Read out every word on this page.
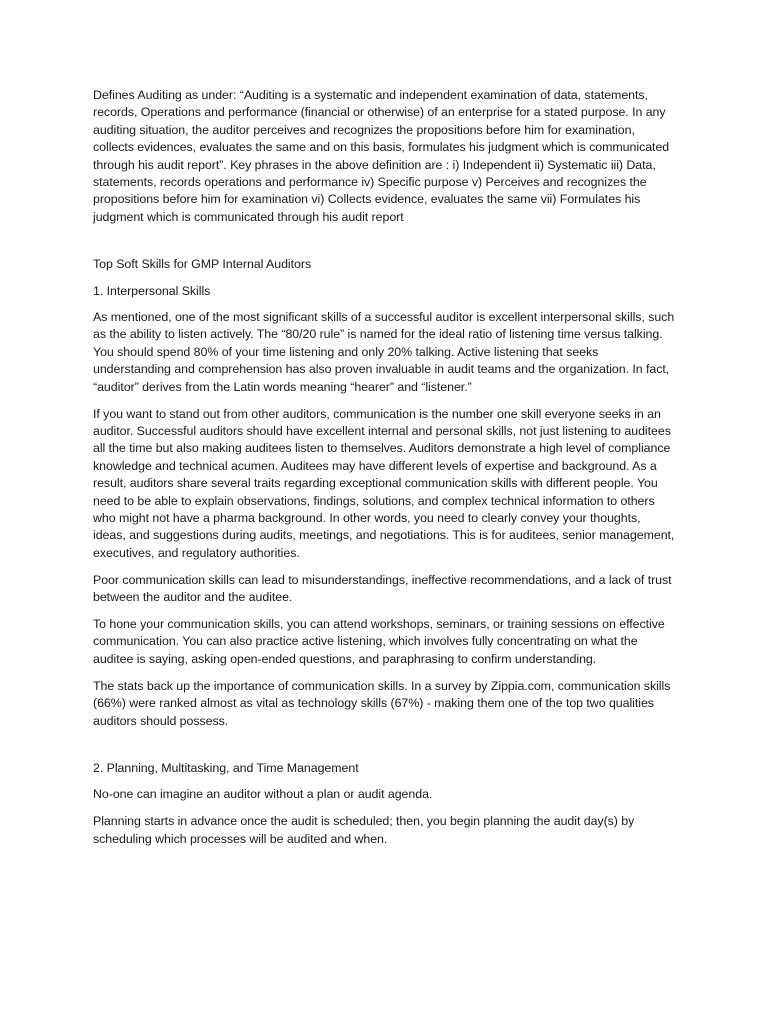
Defines Auditing as under: “Auditing is a systematic and independent examination of data, statements, records, Operations and performance (financial or otherwise) of an enterprise for a stated purpose. In any auditing situation, the auditor perceives and recognizes the propositions before him for examination, collects evidences, evaluates the same and on this basis, formulates his judgment which is communicated through his audit report”. Key phrases in the above definition are : i) Independent ii) Systematic iii) Data, statements, records operations and performance iv) Specific purpose v) Perceives and recognizes the propositions before him for examination vi) Collects evidence, evaluates the same vii) Formulates his judgment which is communicated through his audit report

Top Soft Skills for GMP Internal Auditors

1. Interpersonal Skills

As mentioned, one of the most significant skills of a successful auditor is excellent interpersonal skills, such as the ability to listen actively. The “80/20 rule” is named for the ideal ratio of listening time versus talking. You should spend 80% of your time listening and only 20% talking. Active listening that seeks understanding and comprehension has also proven invaluable in audit teams and the organization. In fact, “auditor” derives from the Latin words meaning “hearer” and “listener.”

If you want to stand out from other auditors, communication is the number one skill everyone seeks in an auditor. Successful auditors should have excellent internal and personal skills, not just listening to auditees all the time but also making auditees listen to themselves. Auditors demonstrate a high level of compliance knowledge and technical acumen. Auditees may have different levels of expertise and background. As a result, auditors share several traits regarding exceptional communication skills with different people. You need to be able to explain observations, findings, solutions, and complex technical information to others who might not have a pharma background. In other words, you need to clearly convey your thoughts, ideas, and suggestions during audits, meetings, and negotiations. This is for auditees, senior management, executives, and regulatory authorities.

Poor communication skills can lead to misunderstandings, ineffective recommendations, and a lack of trust between the auditor and the auditee.

To hone your communication skills, you can attend workshops, seminars, or training sessions on effective communication. You can also practice active listening, which involves fully concentrating on what the auditee is saying, asking open-ended questions, and paraphrasing to confirm understanding.

The stats back up the importance of communication skills. In a survey by Zippia.com, communication skills (66%) were ranked almost as vital as technology skills (67%) - making them one of the top two qualities auditors should possess.

2. Planning, Multitasking, and Time Management

No-one can imagine an auditor without a plan or audit agenda.

Planning starts in advance once the audit is scheduled; then, you begin planning the audit day(s) by scheduling which processes will be audited and when.
